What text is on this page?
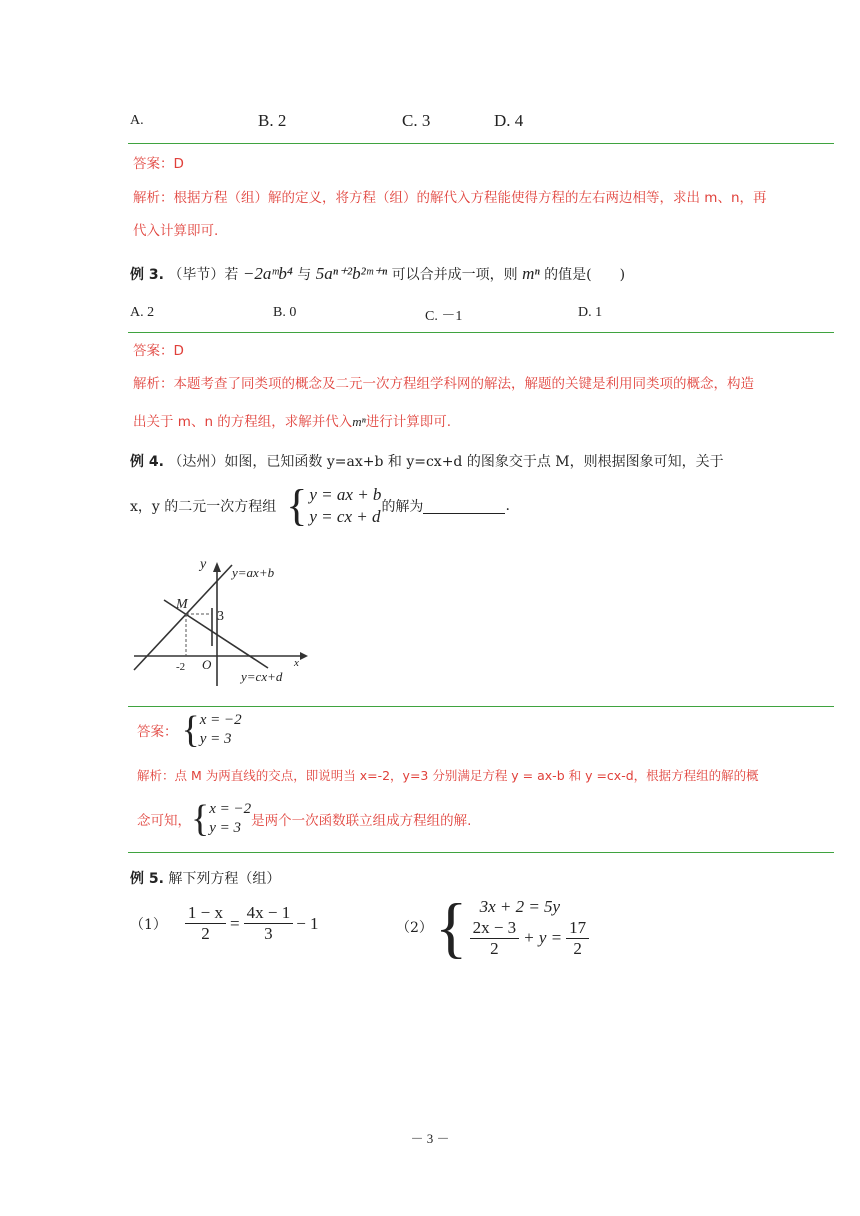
A.	B. 2	C. 3	D. 4
答案：D
解析：根据方程（组）解的定义，将方程（组）的解代入方程能使得方程的左右两边相等，求出 m、n，再
代入计算即可.
例 3. （毕节）若 −2aᵐb⁴ 与 5aⁿ⁺²b²ᵐ⁺ⁿ 可以合并成一项，则 mⁿ 的值是(　　)
A. 2	B. 0	C. －1	D. 1
答案：D
解析：本题考查了同类项的概念及二元一次方程组学科网的解法，解题的关键是利用同类项的概念，构造
出关于 m、n 的方程组，求解并代入mⁿ进行计算即可.
例 4. （达州）如图，已知函数 y=ax+b 和 y=cx+d 的图象交于点 M，则根据图象可知，关于
x，y 的二元一次方程组 { y = ax + b
y = cx + d 的解为	.
y
x
y=ax+b
y=cx+d
M
3
-2 O
答案： { x = −2
y = 3
解析：点 M 为两直线的交点，即说明当 x=-2，y=3 分别满足方程 y = ax-b 和 y =cx-d，根据方程组的解的概
念可知， { x = −2
y = 3 是两个一次函数联立组成方程组的解.
例 5. 解下列方程（组）
$(1) \frac{1 - x}{2} = \frac{4x - 1}{3} - 1$	（2） { 3x + 2 = 5y
$\frac{2x - 3}{2} + y = \frac{17}{2}$
－ 3 －
